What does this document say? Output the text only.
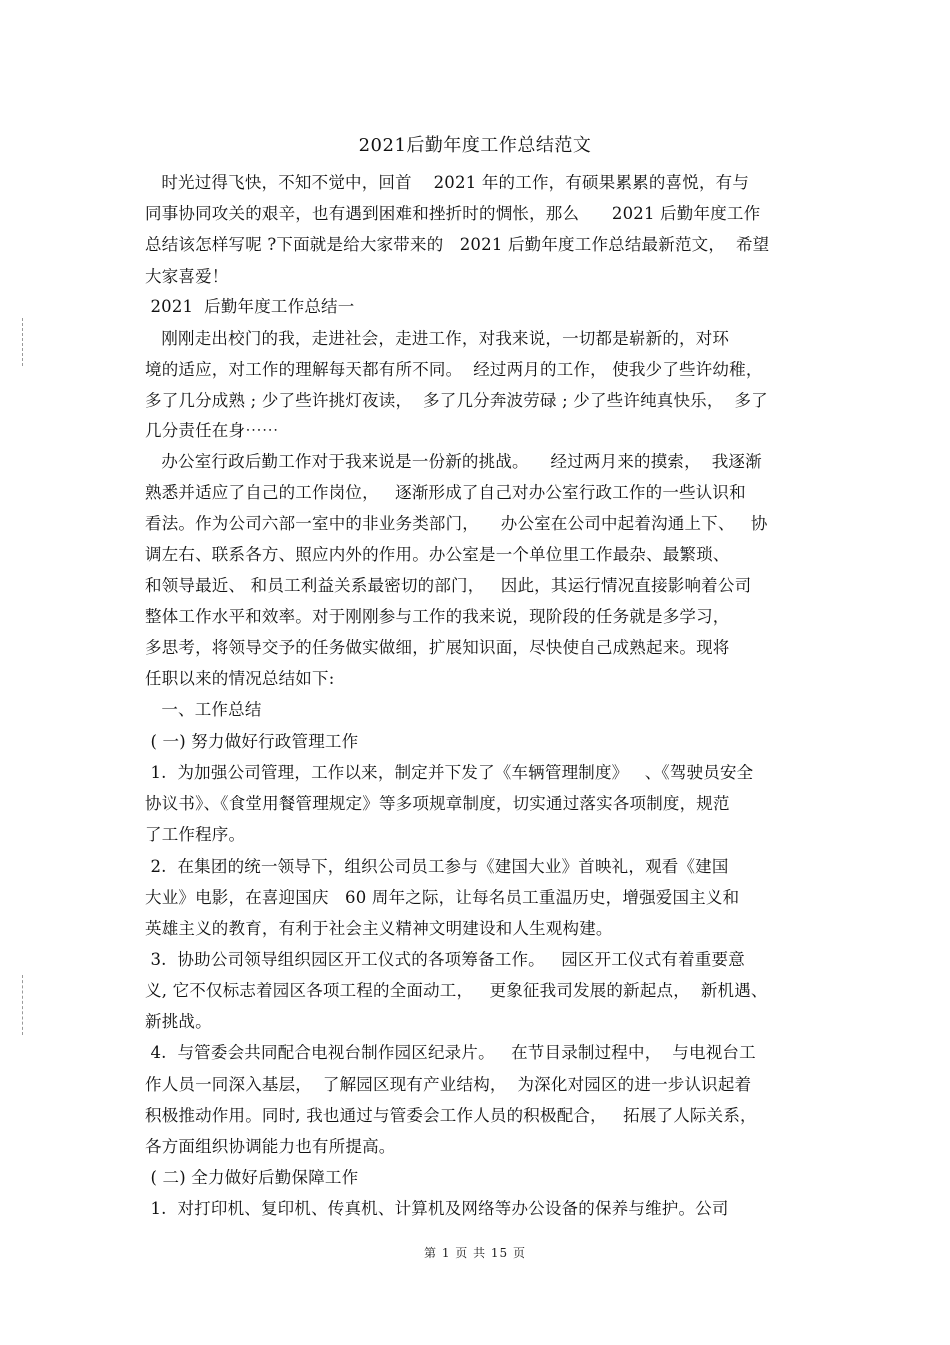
2021后勤年度工作总结范文
时光过得飞快，不知不觉中，回首    2021 年的工作，有硕果累累的喜悦，有与
同事协同攻关的艰辛，也有遇到困难和挫折时的惆怅，那么      2021 后勤年度工作
总结该怎样写呢 ?下面就是给大家带来的   2021 后勤年度工作总结最新范文，  希望
大家喜爱！
2021  后勤年度工作总结一
刚刚走出校门的我，走进社会，走进工作，对我来说，一切都是崭新的，对环
境的适应，对工作的理解每天都有所不同。  经过两月的工作， 使我少了些许幼稚，
多了几分成熟 ; 少了些许挑灯夜读，  多了几分奔波劳碌 ; 少了些许纯真快乐，  多了
几分责任在身⋯⋯
办公室行政后勤工作对于我来说是一份新的挑战。    经过两月来的摸索，  我逐渐
熟悉并适应了自己的工作岗位，   逐渐形成了自己对办公室行政工作的一些认识和
看法。作为公司六部一室中的非业务类部门，    办公室在公司中起着沟通上下、   协
调左右、联系各方、照应内外的作用。办公室是一个单位里工作最杂、最繁琐、
和领导最近、 和员工利益关系最密切的部门，   因此，其运行情况直接影响着公司
整体工作水平和效率。对于刚刚参与工作的我来说，现阶段的任务就是多学习，
多思考，将领导交予的任务做实做细，扩展知识面，尽快使自己成熟起来。现将
任职以来的情况总结如下:
一、工作总结
( 一) 努力做好行政管理工作
1.  为加强公司管理，工作以来，制定并下发了《车辆管理制度》   、《驾驶员安全
协议书》、《食堂用餐管理规定》等多项规章制度，切实通过落实各项制度，规范
了工作程序。
2.  在集团的统一领导下，组织公司员工参与《建国大业》首映礼，观看《建国
大业》电影，在喜迎国庆   60 周年之际，让每名员工重温历史，增强爱国主义和
英雄主义的教育，有利于社会主义精神文明建设和人生观构建。
3.  协助公司领导组织园区开工仪式的各项筹备工作。   园区开工仪式有着重要意
义, 它不仅标志着园区各项工程的全面动工，   更象征我司发展的新起点，  新机遇、
新挑战。
4.  与管委会共同配合电视台制作园区纪录片。   在节目录制过程中，  与电视台工
作人员一同深入基层，  了解园区现有产业结构，  为深化对园区的进一步认识起着
积极推动作用。同时, 我也通过与管委会工作人员的积极配合，   拓展了人际关系，
各方面组织协调能力也有所提高。
( 二) 全力做好后勤保障工作
1.  对打印机、复印机、传真机、计算机及网络等办公设备的保养与维护。公司
第 1 页 共 15 页
